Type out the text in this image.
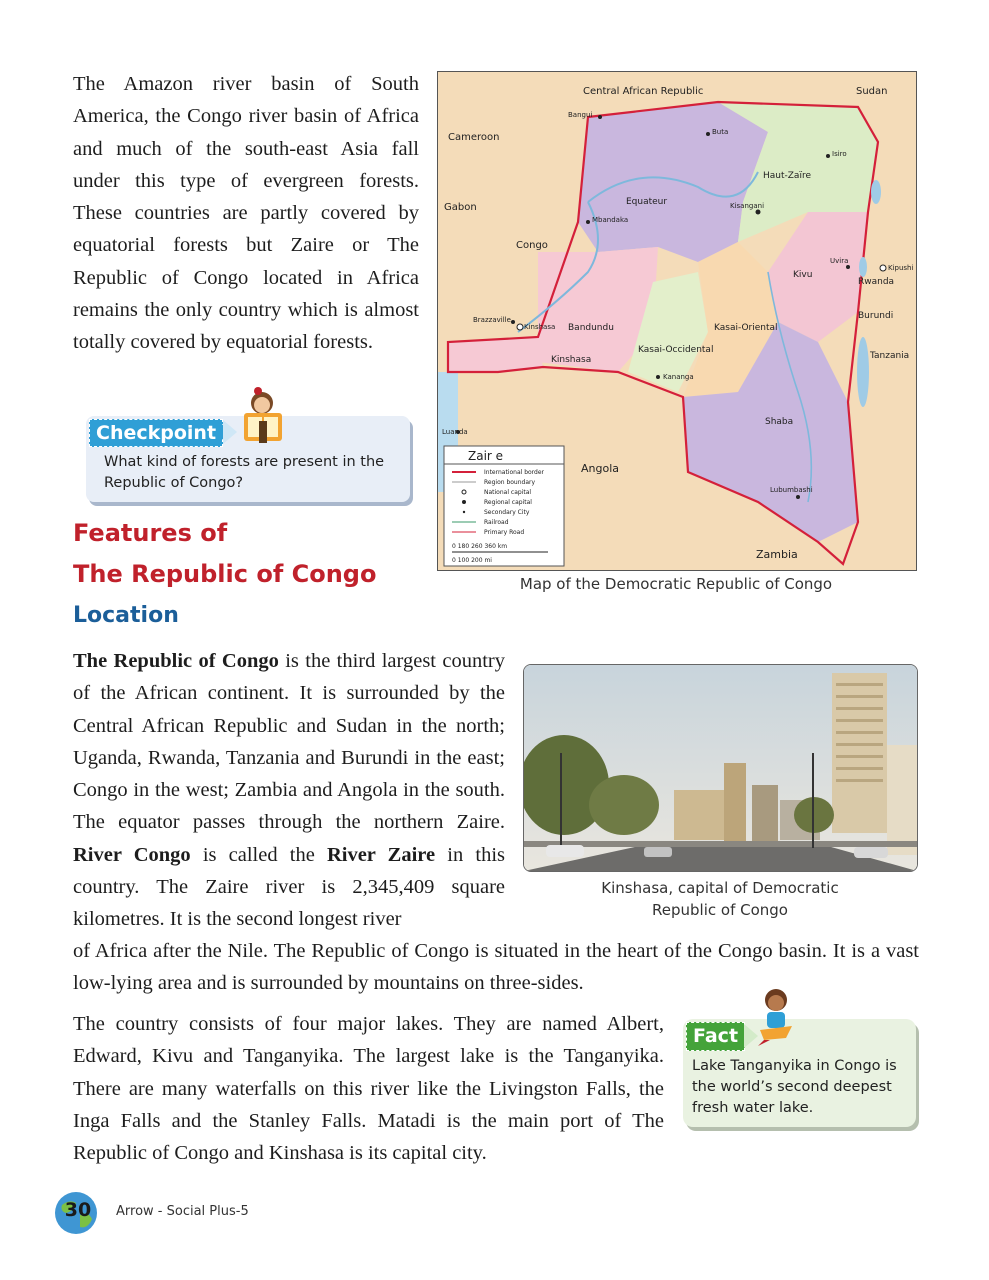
The Amazon river basin of South America, the Congo river basin of Africa and much of the south-east Asia fall under this type of evergreen forests. These countries are partly covered by equatorial forests but Zaire or The Republic of Congo located in Africa remains the only country which is almost totally covered by equatorial forests.
Checkpoint
What kind of forests are present in the Republic of Congo?
Features of
The Republic of Congo
Location
The Republic of Congo is the third largest country of the African continent. It is surrounded by the Central African Republic and Sudan in the north; Uganda, Rwanda, Tanzania and Burundi in the east; Congo in the west; Zambia and Angola in the south. The equator passes through the northern Zaire. River Congo is called the River Zaire in this country. The Zaire river is 2,345,409 square kilometres. It is the second longest river
of Africa after the Nile. The Republic of Congo is situated in the heart of the Congo basin. It is a vast low-lying area and is surrounded by mountains on three-sides.
The country consists of four major lakes. They are named Albert, Edward, Kivu and Tanganyika. The largest lake is the Tanganyika. There are many waterfalls on this river like the Livingston Falls, the Inga Falls and the Stanley Falls. Matadi is the main port of The Republic of Congo and Kinshasa is its capital city.
Central African Republic	Sudan
Cameroon
Gabon
Congo
Angola
Zambia
Rwanda
Burundi
Tanzania
Equateur
Haut-Zaïre
Kivu
Bandundu
Kasai-Occidental
Kasai-Oriental
Shaba
Kinshasa
Bangui
Buta
Isiro
Mbandaka
Kisangani
Uvira
Kinshasa
Brazzaville
Kananga
Lubumbashi
Kipushi
Luanda
Zair e
International border
Region boundary
National capital
Regional capital
Secondary City
Railroad
Primary Road
0 180 260 360 km
0 100 200 mi
Map of the Democratic Republic of Congo
Kinshasa, capital of Democratic
Republic of Congo
Fact
Lake Tanganyika in Congo is the world’s second deepest fresh water lake.
30	Arrow - Social Plus-5
